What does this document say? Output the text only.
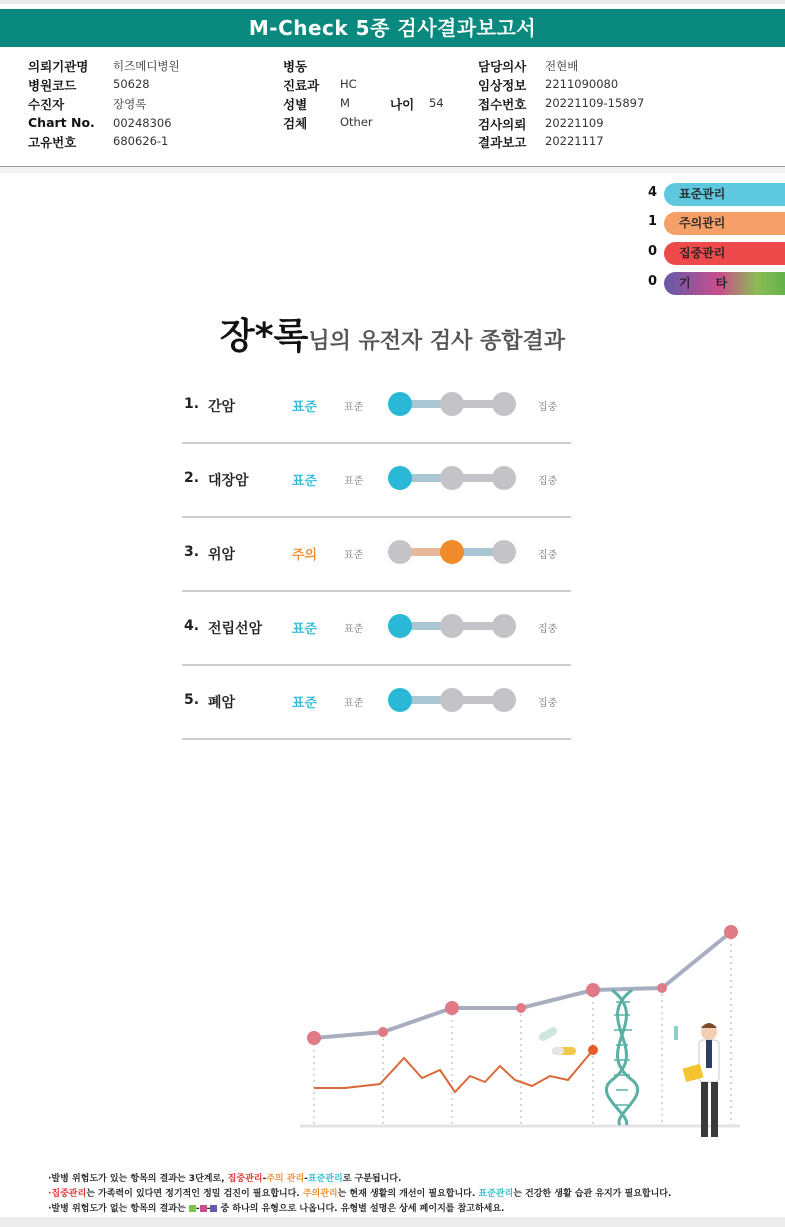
M-Check 5종 검사결과보고서
의뢰기관명 히즈메디병원
병원코드	50628
수진자	장영록
Chart No. 00248306
고유번호	680626-1
병동
진료과 HC
성별	M	나이 54
검체	Other
담당의사 전현배
임상정보 2211090080
접수번호 20221109-15897
검사의뢰 20221109
결과보고 20221117
4	표준관리
1	주의관리
0	집중관리
0	기      타
장*록님의 유전자 검사 종합결과
1. 간암	표준	표준	집중
2. 대장암	표준	표준	집중
3. 위암	주의	표준	집중
4. 전립선암 표준	표준	집중
5. 폐암	표준	표준	집중
·발병 위험도가 있는 항목의 결과는 3단계로, 집중관리-주의 관리-표준관리로 구분됩니다.
·집중관리는 가족력이 있다면 정기적인 정밀 검진이 필요합니다. 주의관리는 현재 생활의 개선이 필요합니다. 표준관리는 건강한 생활 습관 유지가 필요합니다.
·발병 위험도가 없는 항목의 결과는 - - 중 하나의 유형으로 나옵니다. 유형별 설명은 상세 페이지를 참고하세요.
